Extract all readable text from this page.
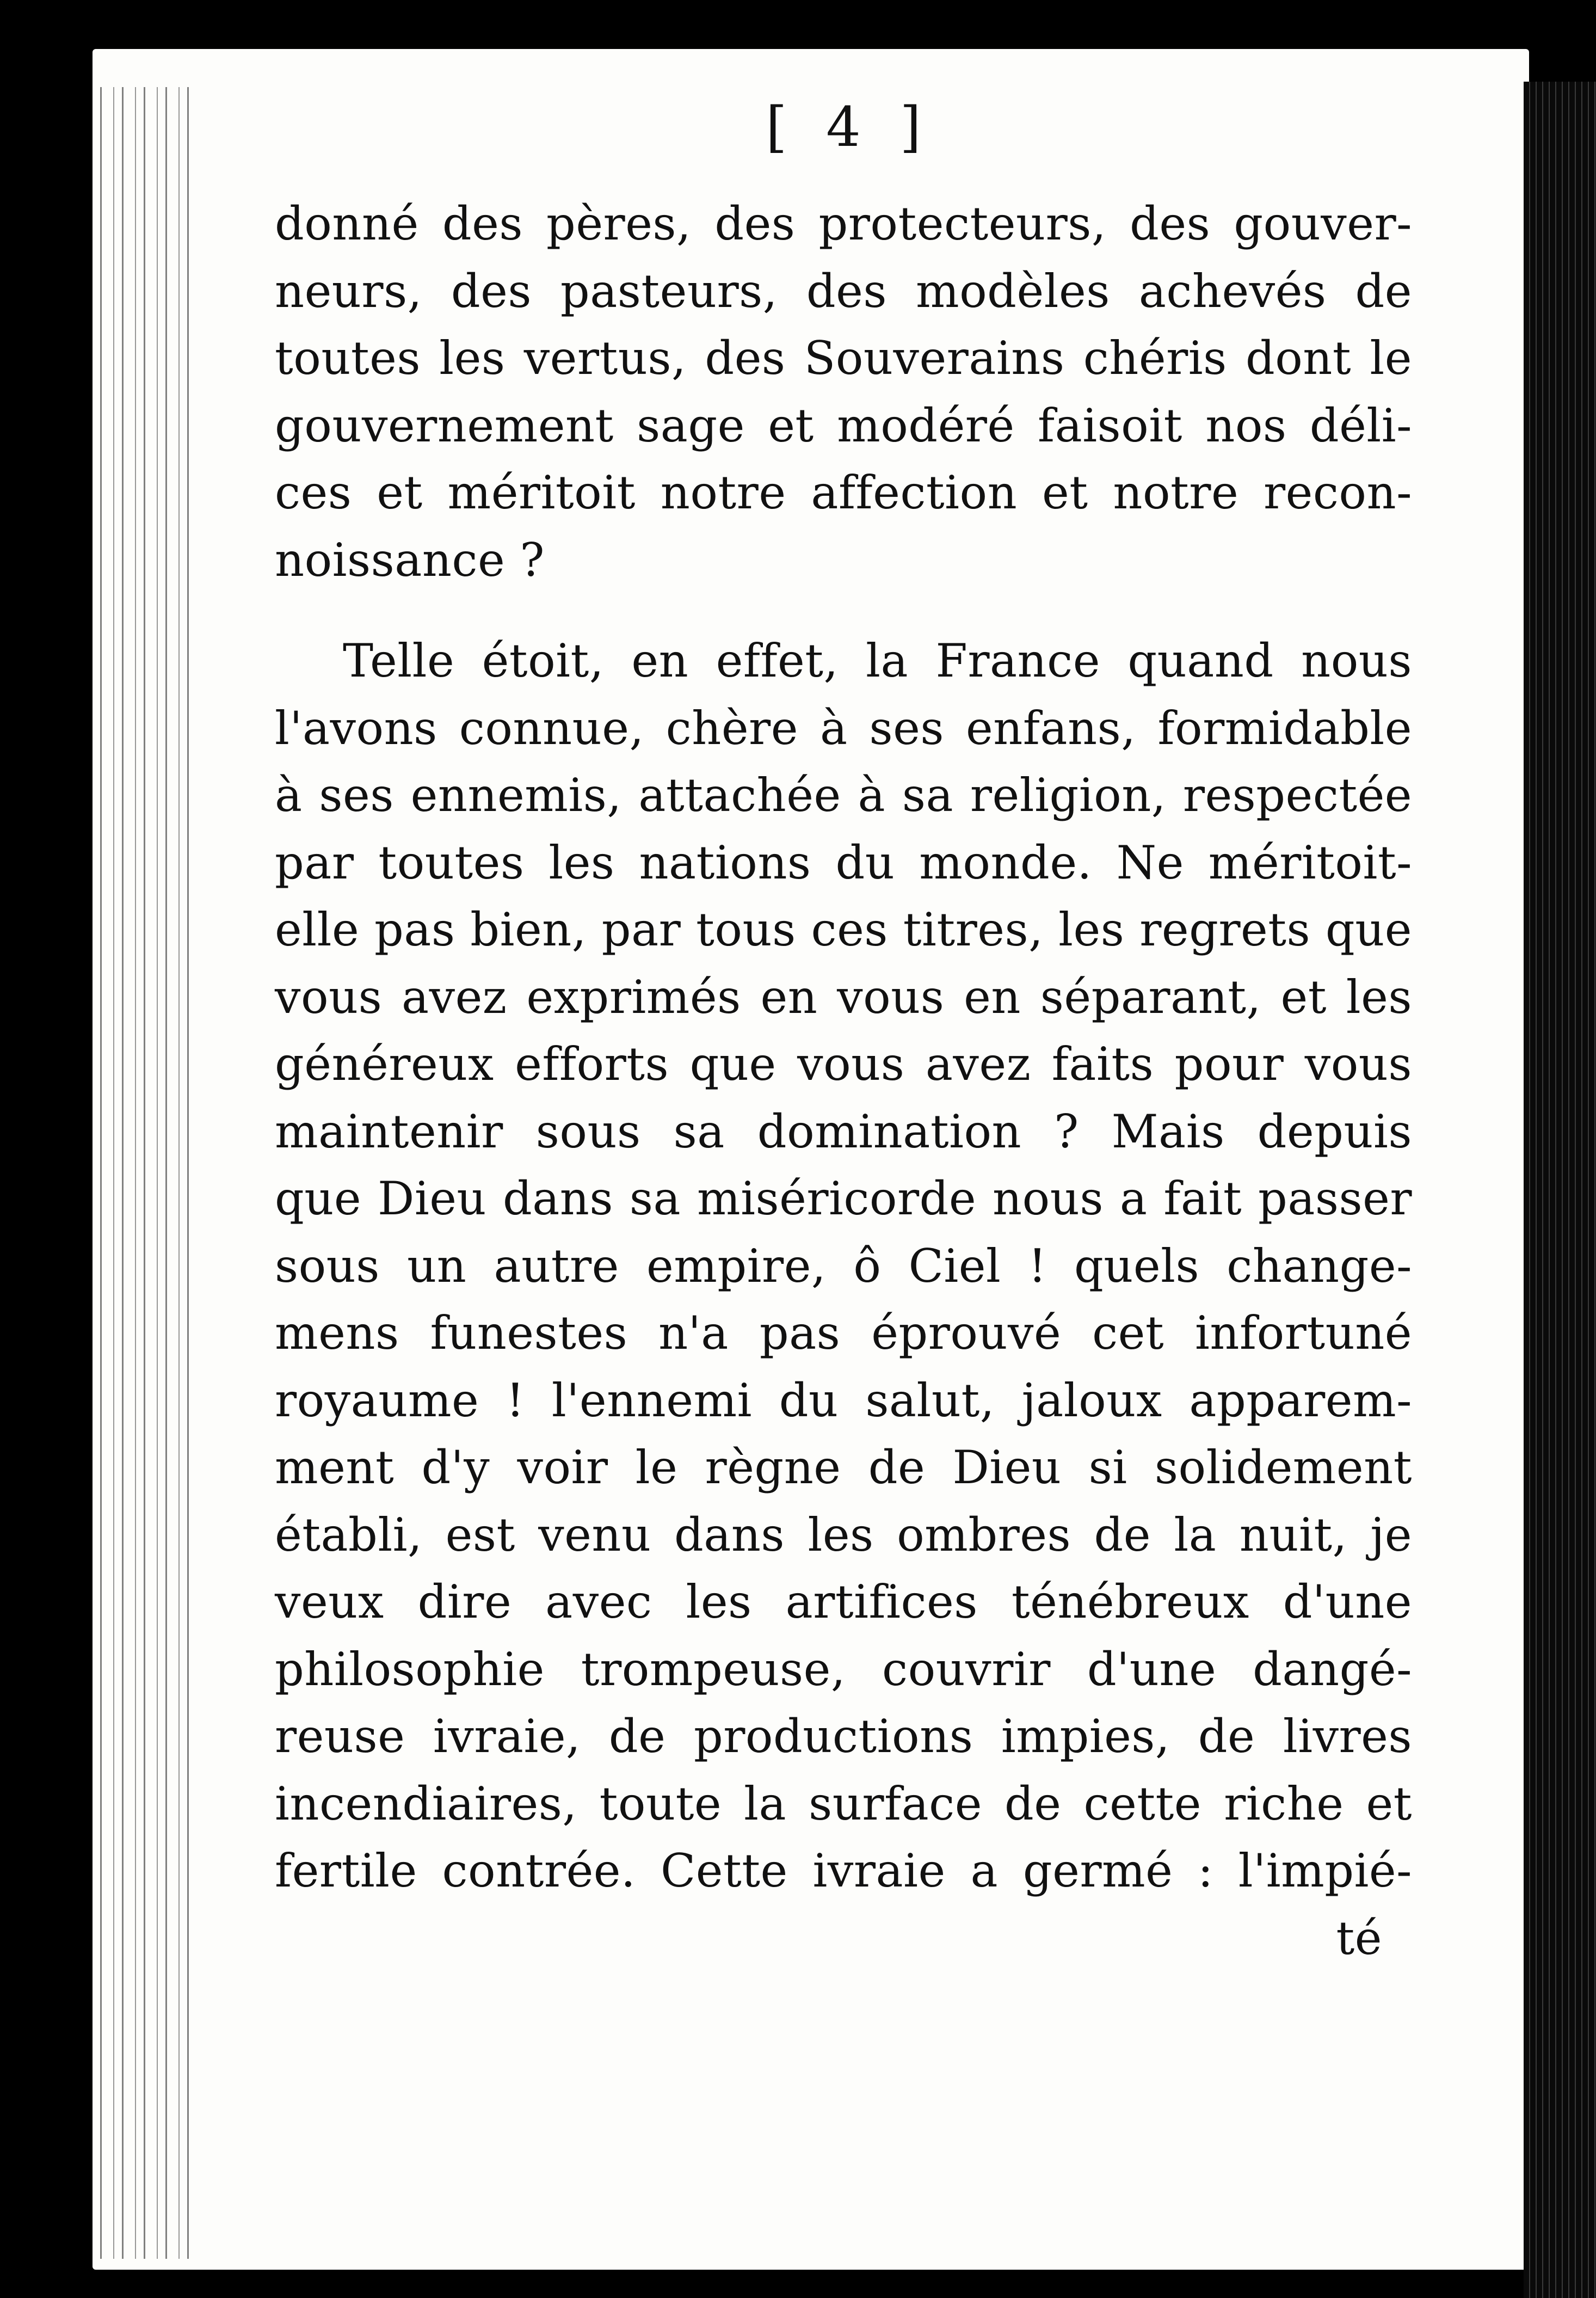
[ 4 ]
donné des pères, des protecteurs, des gouver-
neurs, des pasteurs, des modèles achevés de
toutes les vertus, des Souverains chéris dont le
gouvernement sage et modéré faisoit nos déli-
ces et méritoit notre affection et notre recon-
noissance ?
Telle étoit, en effet, la France quand nous
l'avons connue, chère à ses enfans, formidable
à ses ennemis, attachée à sa religion, respectée
par toutes les nations du monde. Ne méritoit-
elle pas bien, par tous ces titres, les regrets que
vous avez exprimés en vous en séparant, et les
généreux efforts que vous avez faits pour vous
maintenir sous sa domination ? Mais depuis
que Dieu dans sa miséricorde nous a fait passer
sous un autre empire, ô Ciel ! quels change-
mens funestes n'a pas éprouvé cet infortuné
royaume ! l'ennemi du salut, jaloux apparem-
ment d'y voir le règne de Dieu si solidement
établi, est venu dans les ombres de la nuit, je
veux dire avec les artifices ténébreux d'une
philosophie trompeuse, couvrir d'une dangé-
reuse ivraie, de productions impies, de livres
incendiaires, toute la surface de cette riche et
fertile contrée. Cette ivraie a germé : l'impié-
té
